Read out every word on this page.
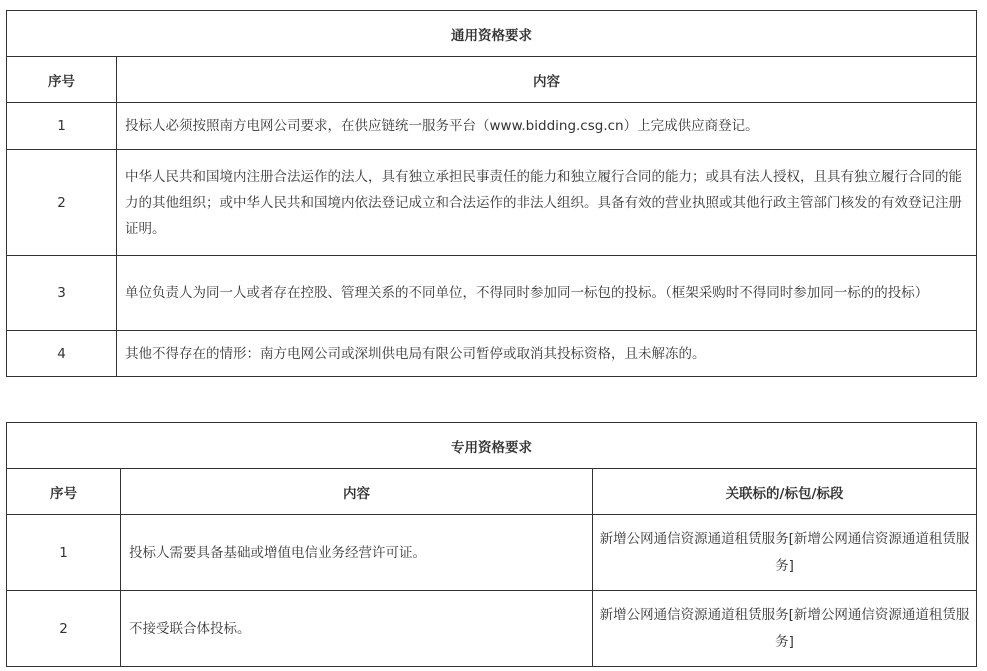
通用资格要求	
序号	内容
1	投标人必须按照南方电网公司要求，在供应链统一服务平台（www.bidding.csg.cn）上完成供应商登记。
2	中华人民共和国境内注册合法运作的法人，具有独立承担民事责任的能力和独立履行合同的能力；或具有法人授权，且具有独立履行合同的能力的其他组织；或中华人民共和国境内依法登记成立和合法运作的非法人组织。具备有效的营业执照或其他行政主管部门核发的有效登记注册证明。
3	单位负责人为同一人或者存在控股、管理关系的不同单位，不得同时参加同一标包的投标。（框架采购时不得同时参加同一标的的投标）
4	其他不得存在的情形：南方电网公司或深圳供电局有限公司暂停或取消其投标资格，且未解冻的。
专用资格要求		
序号	内容	关联标的/标包/标段
1	投标人需要具备基础或增值电信业务经营许可证。	新增公网通信资源通道租赁服务[新增公网通信资源通道租赁服务]
2	不接受联合体投标。	新增公网通信资源通道租赁服务[新增公网通信资源通道租赁服务]
